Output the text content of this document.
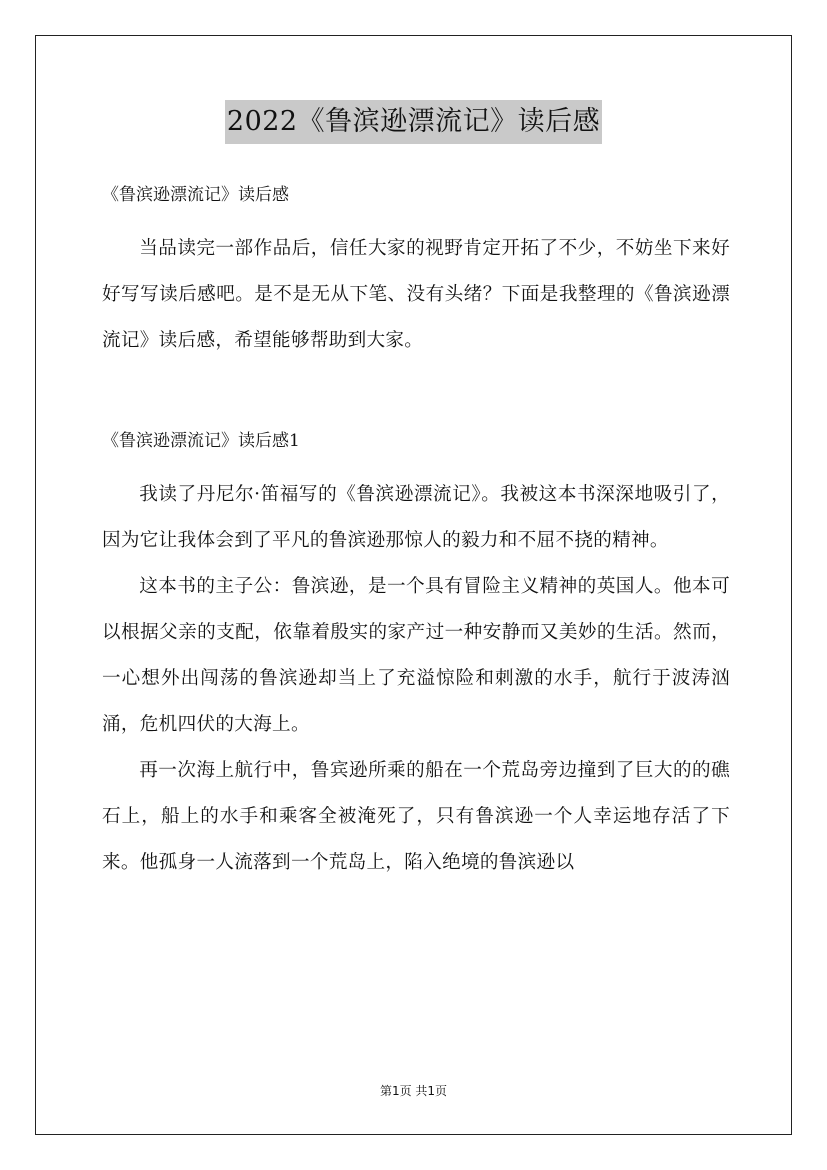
2022《鲁滨逊漂流记》读后感

《鲁滨逊漂流记》读后感

当品读完一部作品后，信任大家的视野肯定开拓了不少，不妨坐下来好好写写读后感吧。是不是无从下笔、没有头绪？下面是我整理的《鲁滨逊漂流记》读后感，希望能够帮助到大家。

《鲁滨逊漂流记》读后感1

我读了丹尼尔·笛福写的《鲁滨逊漂流记》。我被这本书深深地吸引了，因为它让我体会到了平凡的鲁滨逊那惊人的毅力和不屈不挠的精神。

这本书的主子公：鲁滨逊，是一个具有冒险主义精神的英国人。他本可以根据父亲的支配，依靠着殷实的家产过一种安静而又美妙的生活。然而，一心想外出闯荡的鲁滨逊却当上了充溢惊险和刺激的水手，航行于波涛汹涌，危机四伏的大海上。

再一次海上航行中，鲁宾逊所乘的船在一个荒岛旁边撞到了巨大的的礁石上，船上的水手和乘客全被淹死了，只有鲁滨逊一个人幸运地存活了下来。他孤身一人流落到一个荒岛上，陷入绝境的鲁滨逊以

第1页 共1页
